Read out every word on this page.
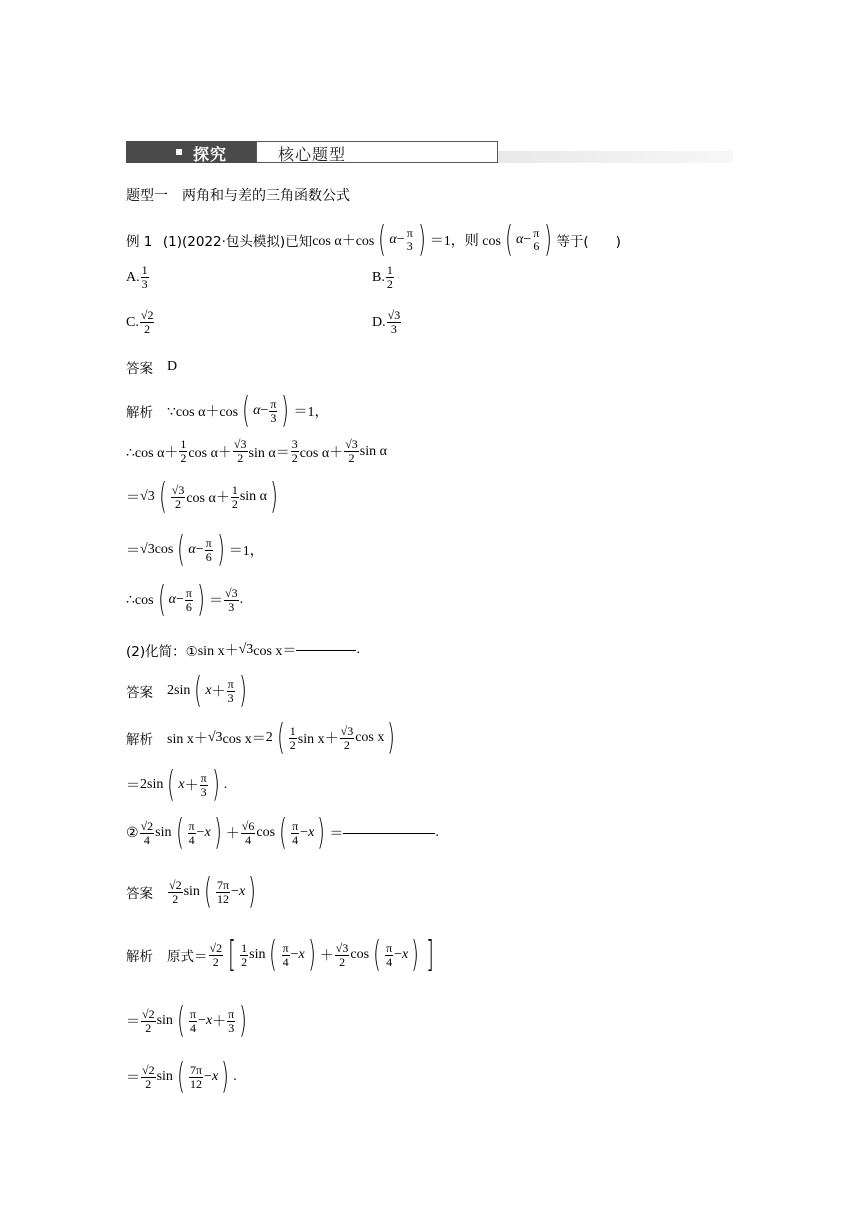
探究	核心题型
题型一　两角和与差的三角函数公式
例 1
(1)(2022·包头模拟)已知 cos α＋cos ( α − π
3 ) ＝1，则 cos ( α − π
6 ) 等于(　　)
A. $\frac{1}{3}$	B. $\frac{1}{2}$
C. $\frac{√2}{2}$	D. $\frac{√3}{3}$
答案
D
解析
∵cos α＋cos ( $\alpha - \frac{\pi}{3}$ ) ＝1，
∴cos $\alpha+ \frac{1}{2}$ $\cos \alpha+ \frac{√3}{2}$ $\sin \alpha= \frac{3}{2}$ $\cos \alpha+ \frac{√3}{2}$ sin α
＝ √ 3 ( $\frac{√3}{2}$ $\cos \alpha+ \frac{1}{2}$ sin α )
＝ √ 3 cos ( $\alpha - \frac{\pi}{6}$ ) ＝1，
∴cos ( $\alpha - \frac{\pi}{6}$ ) ＝ $\frac{√3}{3}$ .
(2)化简：① sin x＋ √ 3 cos x＝	.
答案
2sin ( $x + \frac{\pi}{3}$ )
解析
sin x＋ √ 3 cos x＝ 2 ( $\frac{1}{2}$ $\sin x+ \frac{√3}{2}$ cos x )
＝ 2sin ( $x + \frac{\pi}{3}$ ) .
② $\frac{√2}{4}$ sin ( $\frac{\pi}{4} - x$ ) ＋ $\frac{√6}{4}$ cos ( $\frac{\pi}{4} - x$ ) ＝	.
答案
$\frac{√2}{2}$ sin ( $\frac{7\pi}{12} - x$ )
解析
原式＝ $\frac{√2}{2}$ [ $\frac{1}{2}$ sin ( $\frac{\pi}{4} - x$ ) ＋ $\frac{√3}{2}$ cos ( $\frac{\pi}{4} - x$ ) ]
＝ $\frac{√2}{2}$ sin ( $\frac{\pi}{4} - x + \frac{\pi}{3}$ )
＝ $\frac{√2}{2}$ sin ( $\frac{7\pi}{12} - x$ ) .
